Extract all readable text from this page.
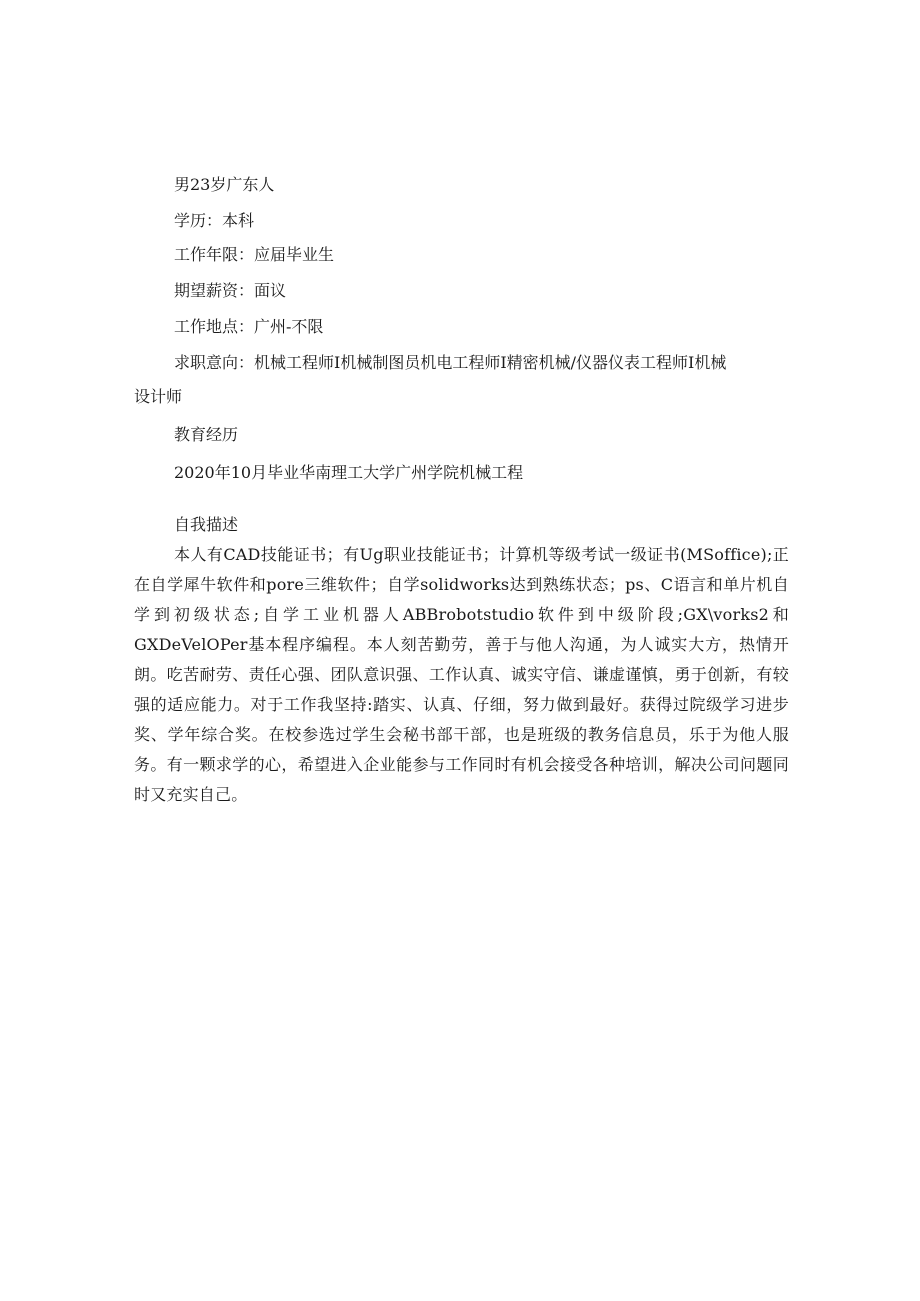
男23岁广东人
学历：本科
工作年限：应届毕业生
期望薪资：面议
工作地点：广州-不限
求职意向：机械工程师I机械制图员机电工程师I精密机械/仪器仪表工程师I机械
设计师
教育经历
2020年10月毕业华南理工大学广州学院机械工程
自我描述
本人有CAD技能证书；有Ug职业技能证书；计算机等级考试一级证书(MSoffice);正在自学犀牛软件和pore三维软件；自学solidworks达到熟练状态；ps、C语言和单片机自学到初级状态;自学工业机器人ABBrobotstudio软件到中级阶段;GX\vorks2和GXDeVelOPer基本程序编程。本人刻苦勤劳，善于与他人沟通，为人诚实大方，热情开朗。吃苦耐劳、责任心强、团队意识强、工作认真、诚实守信、谦虚谨慎，勇于创新，有较强的适应能力。对于工作我坚持:踏实、认真、仔细，努力做到最好。获得过院级学习进步奖、学年综合奖。在校参选过学生会秘书部干部，也是班级的教务信息员，乐于为他人服务。有一颗求学的心，希望进入企业能参与工作同时有机会接受各种培训，解决公司问题同时又充实自己。
